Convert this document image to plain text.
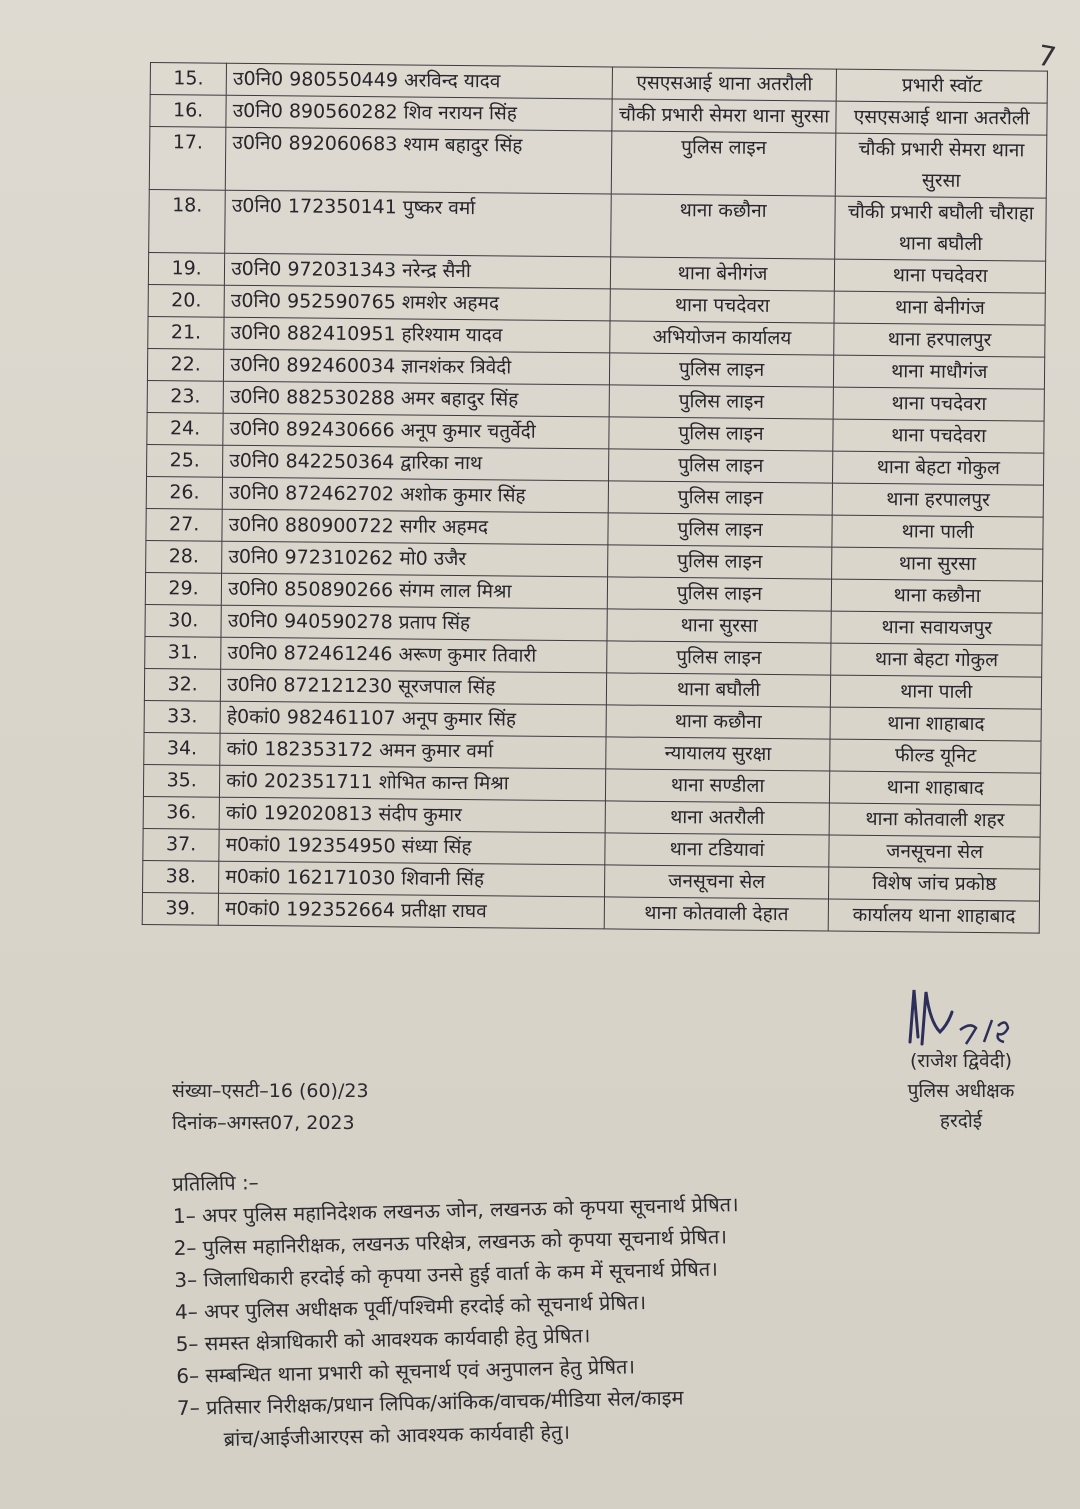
7
15.	उ0नि0 980550449 अरविन्द यादव	एसएसआई थाना अतरौली	प्रभारी स्वॉट
16.	उ0नि0 890560282 शिव नरायन सिंह	चौकी प्रभारी सेमरा थाना सुरसा	एसएसआई थाना अतरौली
17.	उ0नि0 892060683 श्याम बहादुर सिंह	पुलिस लाइन	चौकी प्रभारी सेमरा थाना सुरसा
18.	उ0नि0 172350141 पुष्कर वर्मा	थाना कछौना	चौकी प्रभारी बघौली चौराहा थाना बघौली
19.	उ0नि0 972031343 नरेन्द्र सैनी	थाना बेनीगंज	थाना पचदेवरा
20.	उ0नि0 952590765 शमशेर अहमद	थाना पचदेवरा	थाना बेनीगंज
21.	उ0नि0 882410951 हरिश्याम यादव	अभियोजन कार्यालय	थाना हरपालपुर
22.	उ0नि0 892460034 ज्ञानशंकर त्रिवेदी	पुलिस लाइन	थाना माधौगंज
23.	उ0नि0 882530288 अमर बहादुर सिंह	पुलिस लाइन	थाना पचदेवरा
24.	उ0नि0 892430666 अनूप कुमार चतुर्वेदी	पुलिस लाइन	थाना पचदेवरा
25.	उ0नि0 842250364 द्वारिका नाथ	पुलिस लाइन	थाना बेहटा गोकुल
26.	उ0नि0 872462702 अशोक कुमार सिंह	पुलिस लाइन	थाना हरपालपुर
27.	उ0नि0 880900722 सगीर अहमद	पुलिस लाइन	थाना पाली
28.	उ0नि0 972310262 मो0 उजैर	पुलिस लाइन	थाना सुरसा
29.	उ0नि0 850890266 संगम लाल मिश्रा	पुलिस लाइन	थाना कछौना
30.	उ0नि0 940590278 प्रताप सिंह	थाना सुरसा	थाना सवायजपुर
31.	उ0नि0 872461246 अरूण कुमार तिवारी	पुलिस लाइन	थाना बेहटा गोकुल
32.	उ0नि0 872121230 सूरजपाल सिंह	थाना बघौली	थाना पाली
33.	हे0कां0 982461107 अनूप कुमार सिंह	थाना कछौना	थाना शाहाबाद
34.	कां0 182353172 अमन कुमार वर्मा	न्यायालय सुरक्षा	फील्ड यूनिट
35.	कां0 202351711 शोभित कान्त मिश्रा	थाना सण्डीला	थाना शाहाबाद
36.	कां0 192020813 संदीप कुमार	थाना अतरौली	थाना कोतवाली शहर
37.	म0कां0 192354950 संध्या सिंह	थाना टडियावां	जनसूचना सेल
38.	म0कां0 162171030 शिवानी सिंह	जनसूचना सेल	विशेष जांच प्रकोष्ठ
39.	म0कां0 192352664 प्रतीक्षा राघव	थाना कोतवाली देहात	कार्यालय थाना शाहाबाद
(राजेश द्विवेदी)
पुलिस अधीक्षक
हरदोई
संख्या–एसटी–16 (60)/23
दिनांक–अगस्त07, 2023
प्रतिलिपि :–
1– अपर पुलिस महानिदेशक लखनऊ जोन, लखनऊ को कृपया सूचनार्थ प्रेषित।
2– पुलिस महानिरीक्षक, लखनऊ परिक्षेत्र, लखनऊ को कृपया सूचनार्थ प्रेषित।
3– जिलाधिकारी हरदोई को कृपया उनसे हुई वार्ता के कम में सूचनार्थ प्रेषित।
4– अपर पुलिस अधीक्षक पूर्वी/पश्चिमी हरदोई को सूचनार्थ प्रेषित।
5– समस्त क्षेत्राधिकारी को आवश्यक कार्यवाही हेतु प्रेषित।
6– सम्बन्धित थाना प्रभारी को सूचनार्थ एवं अनुपालन हेतु प्रेषित।
7– प्रतिसार निरीक्षक/प्रधान लिपिक/आंकिक/वाचक/मीडिया सेल/काइम
ब्रांच/आईजीआरएस को आवश्यक कार्यवाही हेतु।
